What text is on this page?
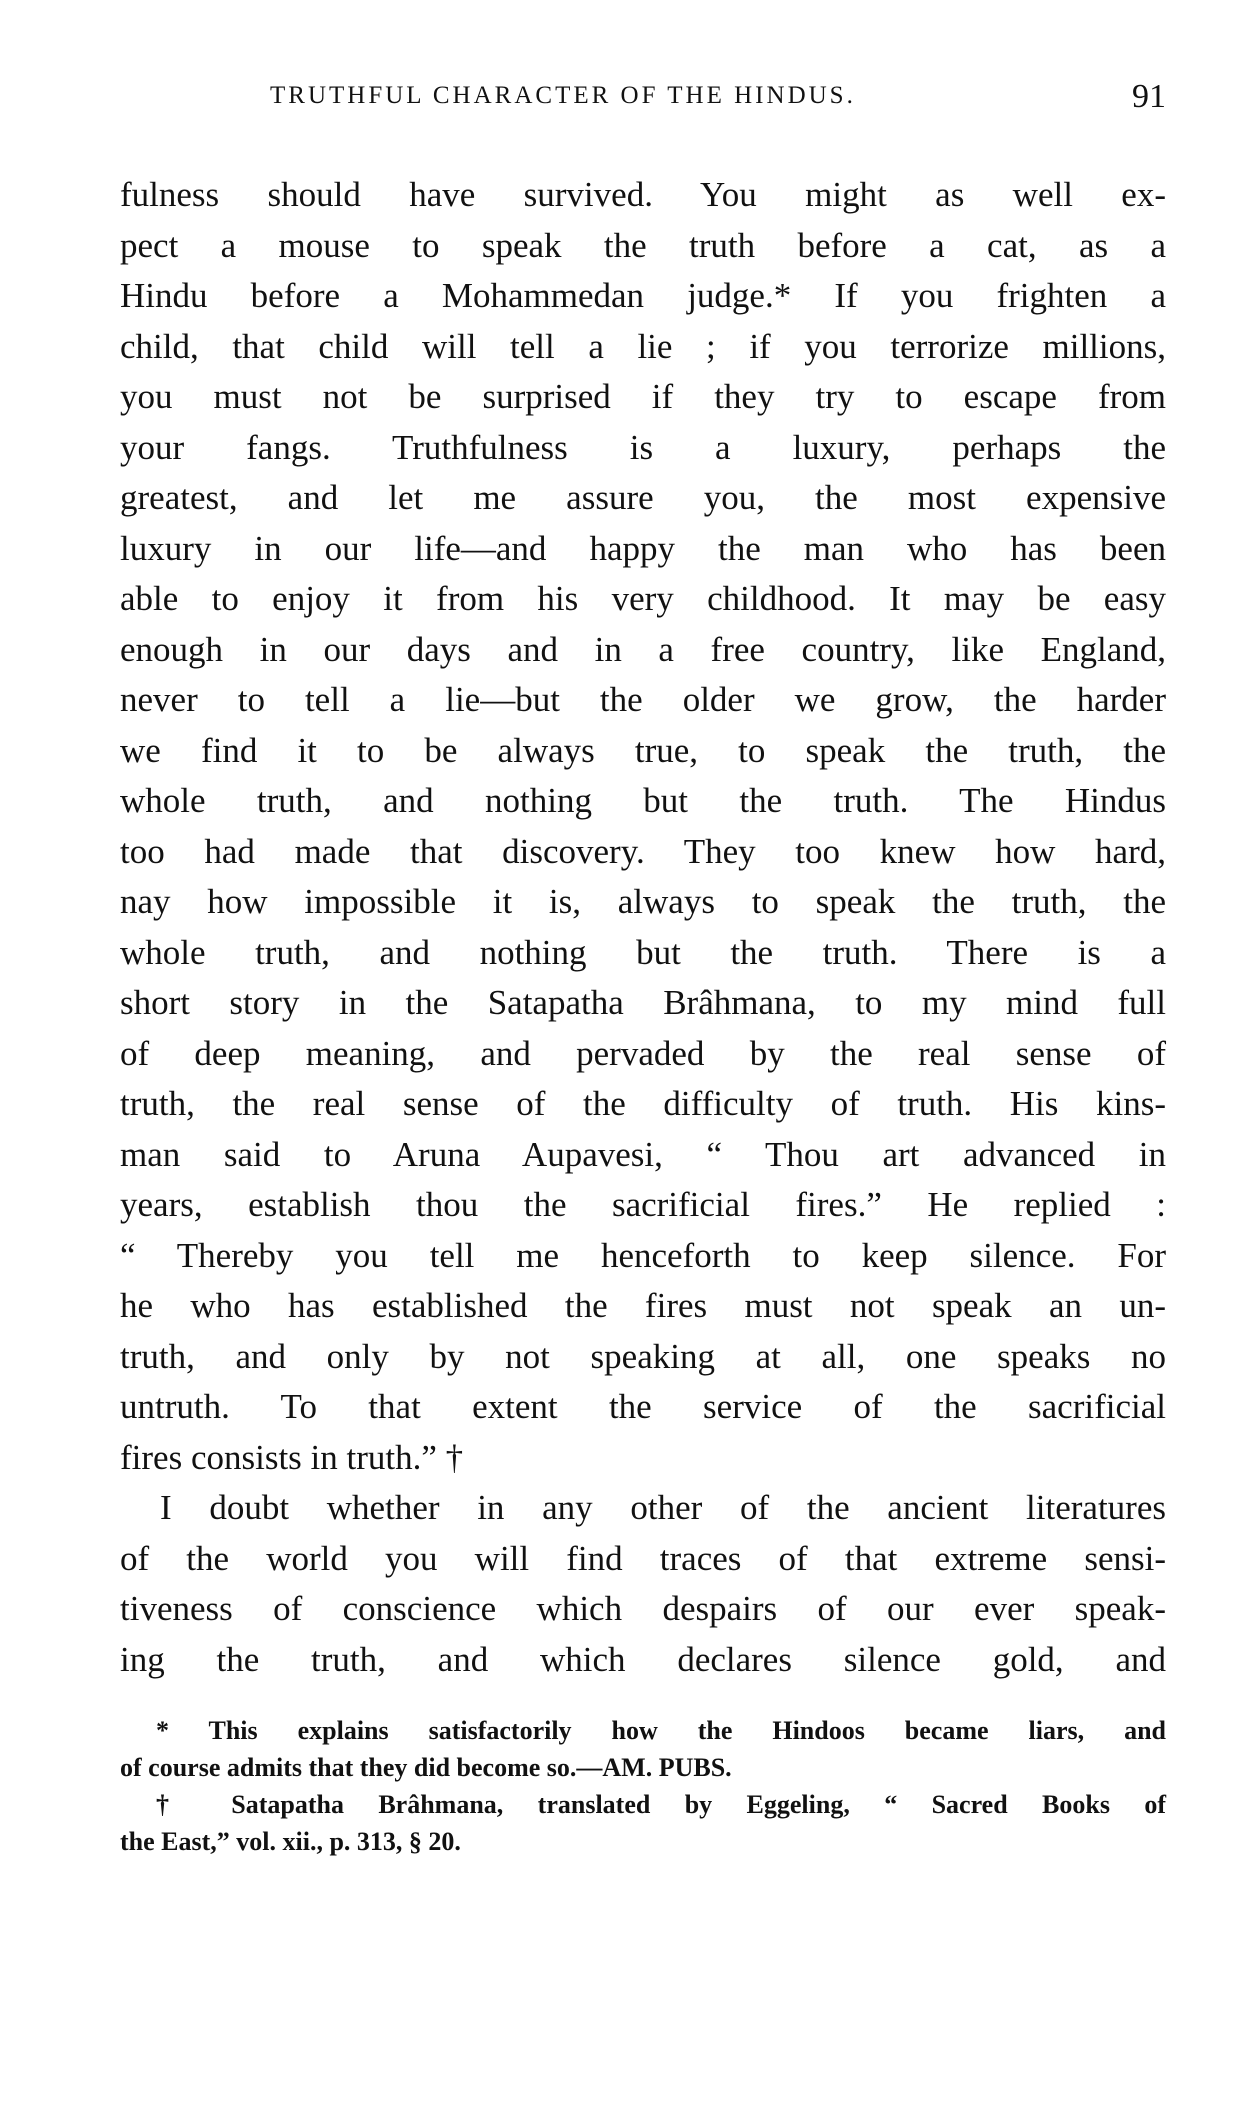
TRUTHFUL CHARACTER OF THE HINDUS.	91
fulness should have survived. You might as well ex-
pect a mouse to speak the truth before a cat, as a
Hindu before a Mohammedan judge.* If you frighten a
child, that child will tell a lie ; if you terrorize millions,
you must not be surprised if they try to escape from
your fangs. Truthfulness is a luxury, perhaps the
greatest, and let me assure you, the most expensive
luxury in our life—and happy the man who has been
able to enjoy it from his very childhood. It may be easy
enough in our days and in a free country, like England,
never to tell a lie—but the older we grow, the harder
we find it to be always true, to speak the truth, the
whole truth, and nothing but the truth. The Hindus
too had made that discovery. They too knew how hard,
nay how impossible it is, always to speak the truth, the
whole truth, and nothing but the truth. There is a
short story in the Satapatha Brâhmana, to my mind full
of deep meaning, and pervaded by the real sense of
truth, the real sense of the difficulty of truth. His kins-
man said to Aruna Aupavesi, “ Thou art advanced in
years, establish thou the sacrificial fires.” He replied :
“ Thereby you tell me henceforth to keep silence. For
he who has established the fires must not speak an un-
truth, and only by not speaking at all, one speaks no
untruth. To that extent the service of the sacrificial
fires consists in truth.” †
I doubt whether in any other of the ancient literatures
of the world you will find traces of that extreme sensi-
tiveness of conscience which despairs of our ever speak-
ing the truth, and which declares silence gold, and
* This explains satisfactorily how the Hindoos became liars, and
of course admits that they did become so.—AM. PUBS.
† Satapatha Brâhmana, translated by Eggeling, “ Sacred Books of
the East,” vol. xii., p. 313, § 20.
